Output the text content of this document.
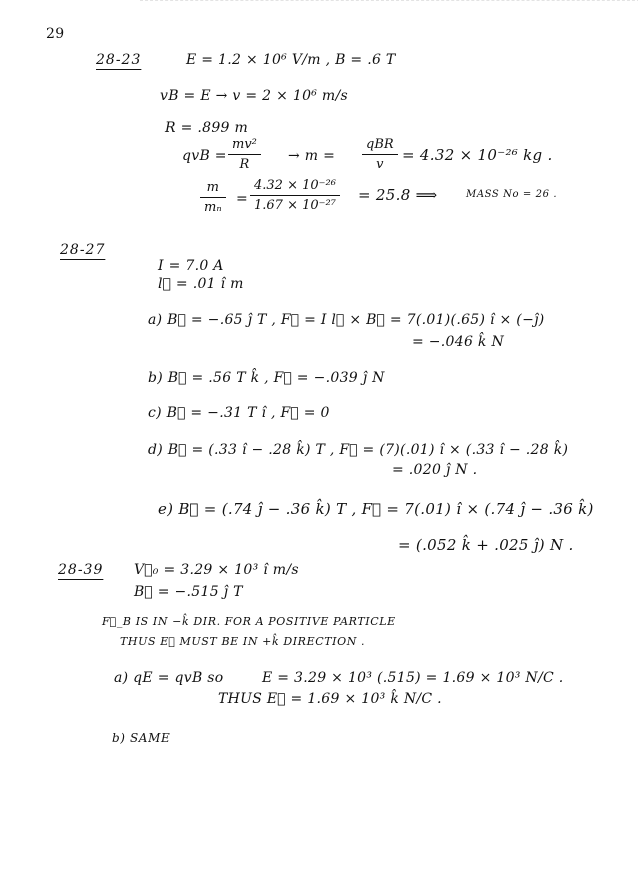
29
28-23	E = 1.2 × 10⁶ V/m , B = .6 T
vB = E → v = 2 × 10⁶ m/s
R = .899 m
qvB = $\frac{\text{mv²}}{R} \to m$ =
qBR
v
= 4.32 × 10⁻²⁶ kg .
$\frac{m}{\text{mₙ}} = \frac{\text{4.32 × 10⁻²⁶}}{\text{1.67 × 10⁻²⁷}} = 25.8$ ⟹	MASS No = 26 .
28-27
I = 7.0 A
l⃗ = .01 î m
a) B⃗ = −.65 ĵ T , F⃗ = I l⃗ × B⃗ = 7(.01)(.65) î × (−ĵ)
= −.046 k̂ N
b) B⃗ = .56 T k̂ , F⃗ = −.039 ĵ N
c) B⃗ = −.31 T î , F⃗ = 0
d) B⃗ = (.33 î − .28 k̂) T , F⃗ = (7)(.01) î × (.33 î − .28 k̂)
= .020 ĵ N .
e) B⃗ = (.74 ĵ − .36 k̂) T , F⃗ = 7(.01) î × (.74 ĵ − .36 k̂)
= (.052 k̂ + .025 ĵ) N .
28-39 V⃗₀ = 3.29 × 10³ î m/s
B⃗ = −.515 ĵ T
F⃗_B IS IN −k̂ DIR. FOR A POSITIVE PARTICLE
THUS E⃗ MUST BE IN +k̂ DIRECTION .
a) qE = qvB so	E = 3.29 × 10³ (.515) = 1.69 × 10³ N/C .
THUS E⃗ = 1.69 × 10³ k̂ N/C .
b) SAME
